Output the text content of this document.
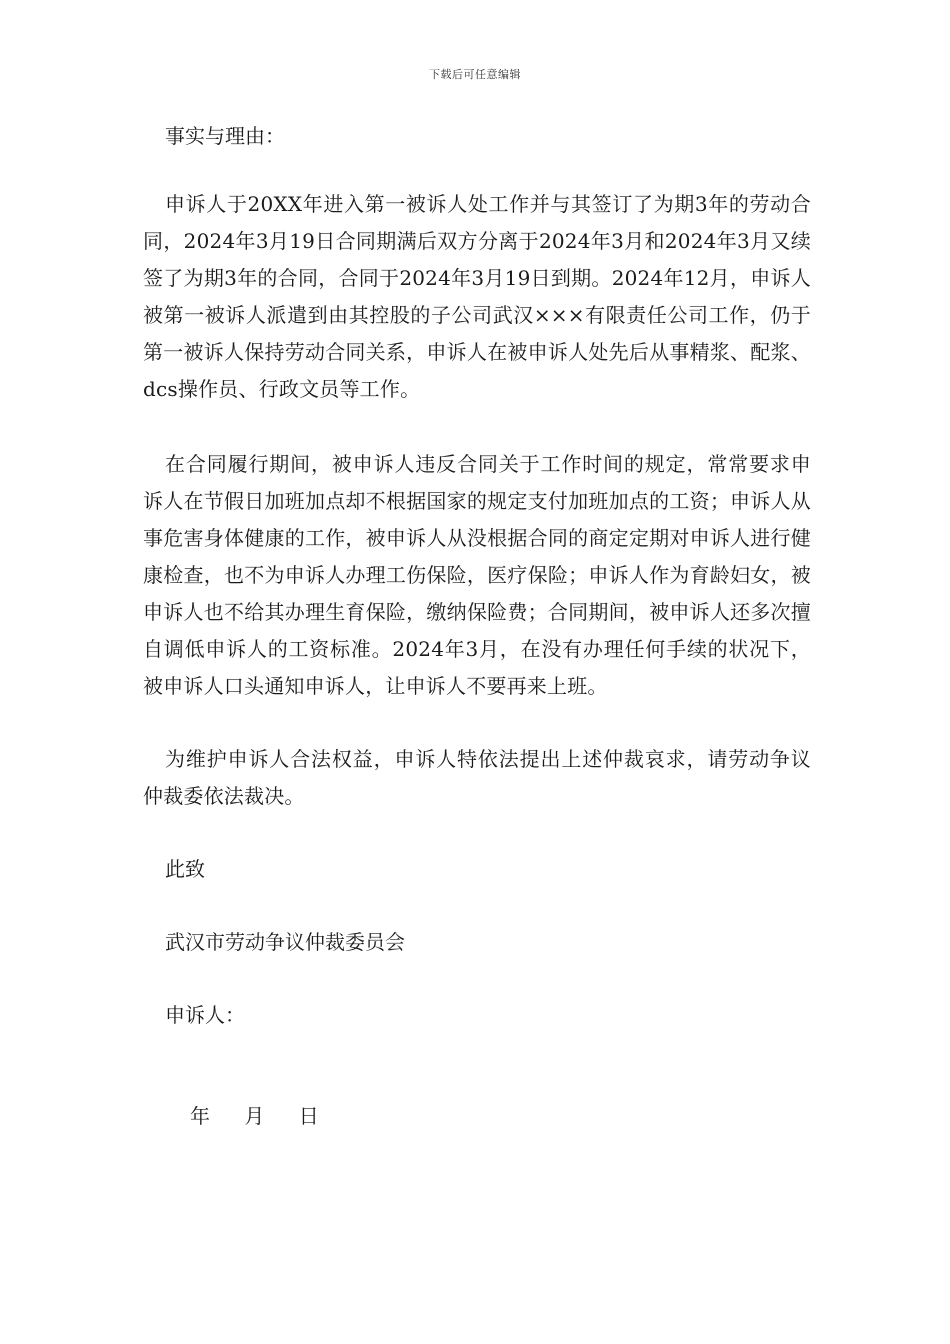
下载后可任意编辑

事实与理由：

申诉人于20XX年进入第一被诉人处工作并与其签订了为期3年的劳动合同，2024年3月19日合同期满后双方分离于2024年3月和2024年3月又续签了为期3年的合同，合同于2024年3月19日到期。2024年12月，申诉人被第一被诉人派遣到由其控股的子公司武汉×××有限责任公司工作，仍于第一被诉人保持劳动合同关系，申诉人在被申诉人处先后从事精浆、配浆、dcs操作员、行政文员等工作。

在合同履行期间，被申诉人违反合同关于工作时间的规定，常常要求申诉人在节假日加班加点却不根据国家的规定支付加班加点的工资；申诉人从事危害身体健康的工作，被申诉人从没根据合同的商定定期对申诉人进行健康检查，也不为申诉人办理工伤保险，医疗保险；申诉人作为育龄妇女，被申诉人也不给其办理生育保险，缴纳保险费；合同期间，被申诉人还多次擅自调低申诉人的工资标准。2024年3月，在没有办理任何手续的状况下，被申诉人口头通知申诉人，让申诉人不要再来上班。

为维护申诉人合法权益，申诉人特依法提出上述仲裁哀求，请劳动争议仲裁委依法裁决。

此致

武汉市劳动争议仲裁委员会

申诉人：

年 月 日
